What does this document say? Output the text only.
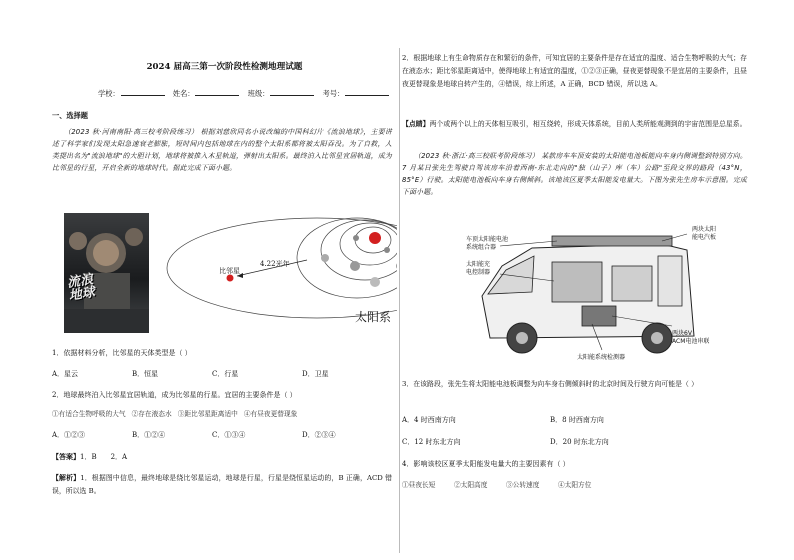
2024 届高三第一次阶段性检测地理试题
学校：	姓名：	班级：	考号：
一、选择题
（2023 秋·河南南阳·高三校考阶段练习） 根据刘慈欣同名小说改编的中国科幻片《流浪地球》，主要讲述了科学家们发现太阳急速衰老膨胀，短时间内包括地球在内的整个太阳系都将被太阳吞没。为了自救，人类提出名为"流浪地球"的大胆计划，地球将被推入木星轨道，弹射出太阳系。最终泊入比邻星宜居轨道，成为比邻星的行星，开启全新的地球时代。据此完成下面小题。
流浪
地球
比邻星
4.22光年
太阳系
1．依据材料分析，比邻星的天体类型是（ ）
A．星云	B．恒星	C．行星	D．卫星
2．地球最终泊入比邻星宜居轨道，成为比邻星的行星。宜居的主要条件是（ ）
①有适合生物呼吸的大气 ②存在液态水 ③距比邻星距离适中 ④有昼夜更替现象
A．①②③	B．①②④	C．①③④	D．②③④
【答案】1．B　　2．A
【解析】1．根据图中信息，最终地球是绕比邻星运动，地球是行星，行星是绕恒星运动的，B 正确，ACD 错误，所以选 B。
2．根据地球上有生命物质存在和繁衍的条件，可知宜居的主要条件是存在适宜的温度、适合生物呼吸的大气；存在液态水；距比邻星距离适中，使得地球上有适宜的温度，①②③正确，昼夜更替现象不是宜居的主要条件，且昼夜更替现象是地球自转产生的，④错误，综上所述，A 正确，BCD 错误，所以选 A。
【点睛】两个或两个以上的天体相互吸引，相互绕转，形成天体系统，目前人类所能观测到的宇宙范围是总星系。
（2023 秋·浙江·高三校联考阶段练习） 某款房车车顶安装的太阳能电池板能向车身内侧调整到特别方向。7 月某日张先生驾驶自驾该房车沿着西南-东北走向的"独（山子）库（车）公路"至段交界的路段（43°N，85°E）行驶。太阳能电池板向车身右侧倾斜。该地该区夏季太阳能发电量大。下图为张先生房车示意图。完成下面小题。
车顶太阳能电池
系统组合器
太阳能充
电控制器
两块太阳
能电汽板
两块6V
ACM电池串联
太阳能系统检测器
3．在该路段，张先生将太阳能电池板调整为向车身右侧倾斜时的北京时间及行驶方向可能是（ ）
A．4 时西南方向	B．8 时西南方向
C．12 时东北方向	D．20 时东北方向
4．影响该校区夏季太阳能发电量大的主要因素有（ ）
①昼夜长短	②太阳高度	③公转速度	④太阳方位
